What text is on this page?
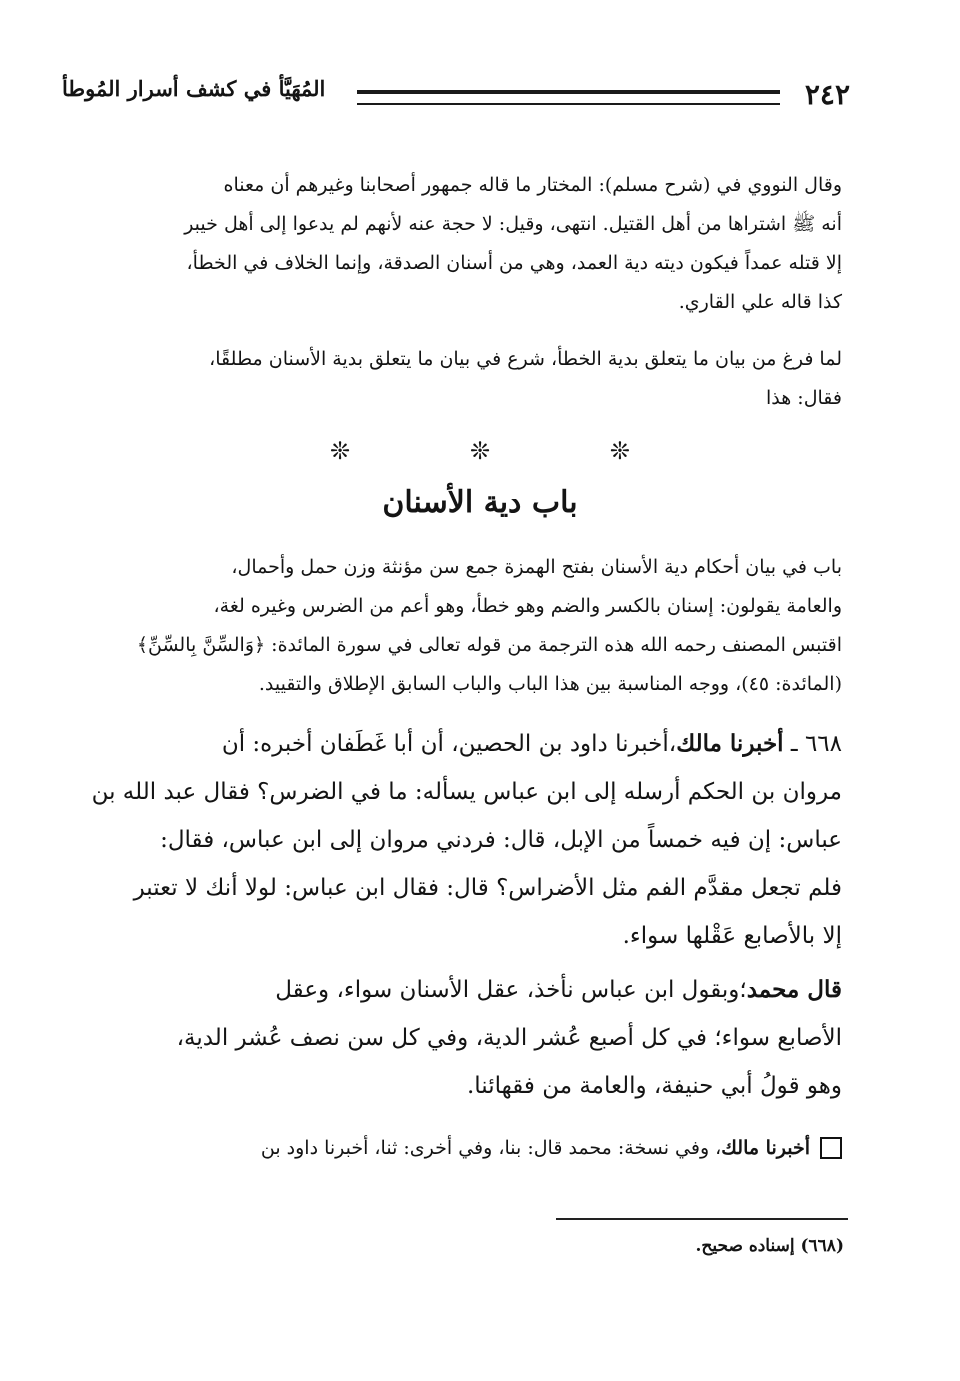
٢٤٢
المُهَيَّأ في كشف أسرار المُوطأ
وقال النووي في (شرح مسلم): المختار ما قاله جمهور أصحابنا وغيرهم أن معناه
أنه ﷺ اشتراها من أهل القتيل. انتهى، وقيل: لا حجة عنه لأنهم لم يدعوا إلى أهل خيبر
إلا قتله عمداً فيكون ديته دية العمد، وهي من أسنان الصدقة، وإنما الخلاف في الخطأ،
كذا قاله علي القاري.
لما فرغ من بيان ما يتعلق بدية الخطأ، شرع في بيان ما يتعلق بدية الأسنان مطلقًا،
فقال: هذا
❊	❊	❊
باب دية الأسنان
باب في بيان أحكام دية الأسنان بفتح الهمزة جمع سن مؤنثة وزن حمل وأحمال،
والعامة يقولون: إسنان بالكسر والضم وهو خطأ، وهو أعم من الضرس وغيره لغة،
اقتبس المصنف رحمه الله هذه الترجمة من قوله تعالى في سورة المائدة: ﴿وَالسِّنَّ بِالسِّنِّ﴾
(المائدة: ٤٥)، ووجه المناسبة بين هذا الباب والباب السابق الإطلاق والتقييد.
٦٦٨ ـ أخبرنا مالك،أخبرنا داود بن الحصين، أن أبا غَطَفان أخبره: أن
مروان بن الحكم أرسله إلى ابن عباس يسأله: ما في الضرس؟ فقال عبد الله بن
عباس: إن فيه خمساً من الإبل، قال: فردني مروان إلى ابن عباس، فقال:
فلم تجعل مقدَّم الفم مثل الأضراس؟ قال: فقال ابن عباس: لولا أنك لا تعتبر
إلا بالأصابع عَقْلها سواء.
قال محمد؛وبقول ابن عباس نأخذ، عقل الأسنان سواء، وعقل
الأصابع سواء؛ في كل أصبع عُشر الدية، وفي كل سن نصف عُشر الدية،
وهو قولُ أبي حنيفة، والعامة من فقهائنا.
أخبرنا مالك، وفي نسخة: محمد قال: بنا، وفي أخرى: ثنا، أخبرنا داود بن
(٦٦٨) إسناده صحيح.
